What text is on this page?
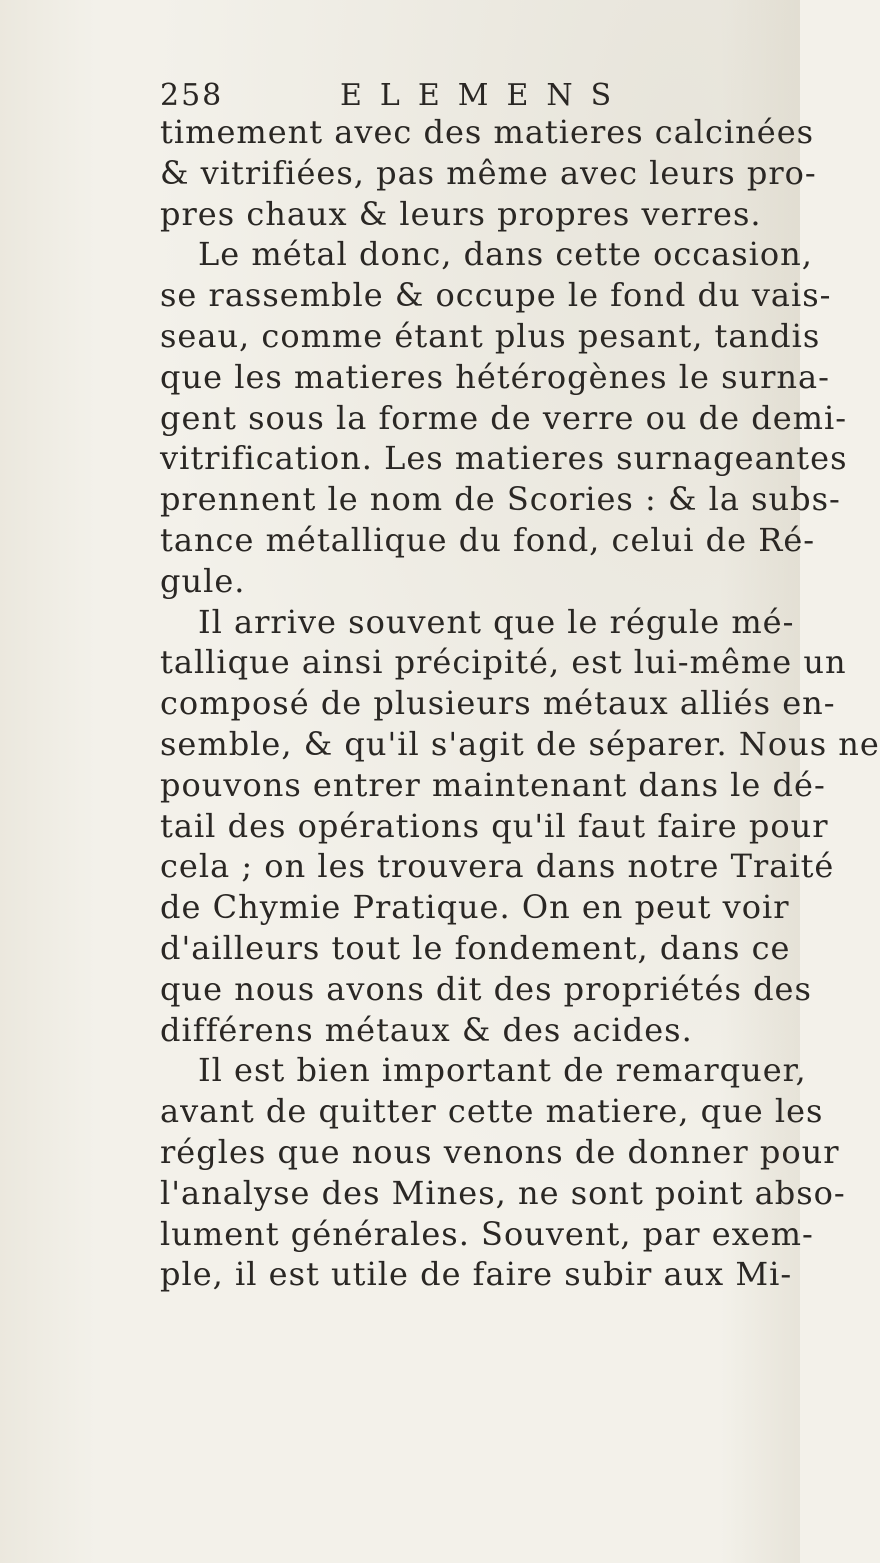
258	ELEMENS
timement avec des matieres calcinées
& vitrifiées, pas même avec leurs pro-
pres chaux & leurs propres verres.
Le métal donc, dans cette occasion,
se rassemble & occupe le fond du vais-
seau, comme étant plus pesant, tandis
que les matieres hétérogènes le surna-
gent sous la forme de verre ou de demi-
vitrification. Les matieres surnageantes
prennent le nom de Scories : & la subs-
tance métallique du fond, celui de Ré-
gule.
Il arrive souvent que le régule mé-
tallique ainsi précipité, est lui-même un
composé de plusieurs métaux alliés en-
semble, & qu'il s'agit de séparer. Nous ne
pouvons entrer maintenant dans le dé-
tail des opérations qu'il faut faire pour
cela ; on les trouvera dans notre Traité
de Chymie Pratique. On en peut voir
d'ailleurs tout le fondement, dans ce
que nous avons dit des propriétés des
différens métaux & des acides.
Il est bien important de remarquer,
avant de quitter cette matiere, que les
régles que nous venons de donner pour
l'analyse des Mines, ne sont point abso-
lument générales. Souvent, par exem-
ple, il est utile de faire subir aux Mi-
